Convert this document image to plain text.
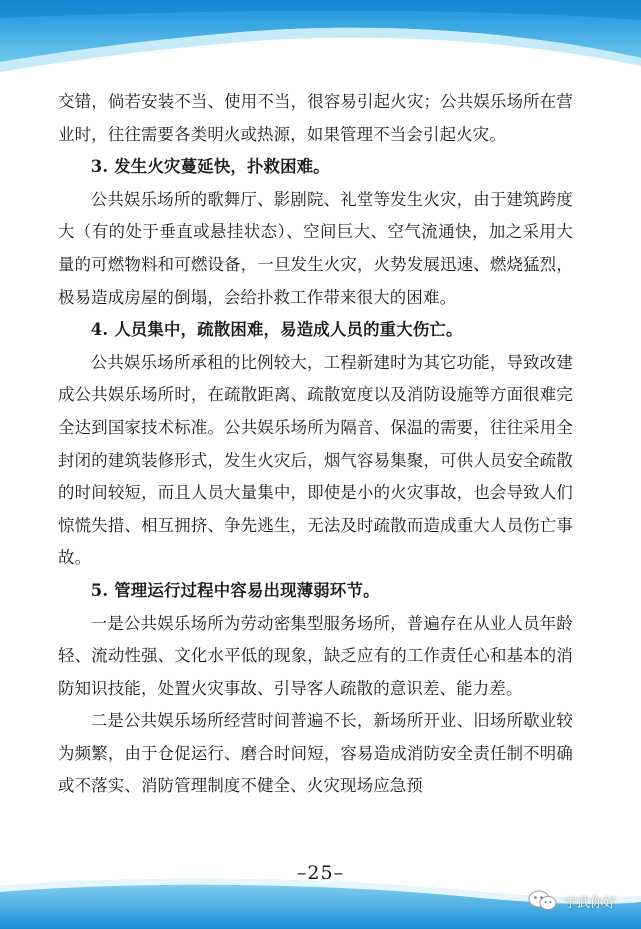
交错，倘若安装不当、使用不当，很容易引起火灾；公共娱乐场所在营业时，往往需要各类明火或热源，如果管理不当会引起火灾。

3. 发生火灾蔓延快，扑救困难。

公共娱乐场所的歌舞厅、影剧院、礼堂等发生火灾，由于建筑跨度大（有的处于垂直或悬挂状态）、空间巨大、空气流通快，加之采用大量的可燃物料和可燃设备，一旦发生火灾，火势发展迅速、燃烧猛烈，极易造成房屋的倒塌，会给扑救工作带来很大的困难。

4. 人员集中，疏散困难，易造成人员的重大伤亡。

公共娱乐场所承租的比例较大，工程新建时为其它功能，导致改建成公共娱乐场所时，在疏散距离、疏散宽度以及消防设施等方面很难完全达到国家技术标准。公共娱乐场所为隔音、保温的需要，往往采用全封闭的建筑装修形式，发生火灾后，烟气容易集聚，可供人员安全疏散的时间较短，而且人员大量集中，即使是小的火灾事故，也会导致人们惊慌失措、相互拥挤、争先逃生，无法及时疏散而造成重大人员伤亡事故。

5. 管理运行过程中容易出现薄弱环节。

一是公共娱乐场所为劳动密集型服务场所，普遍存在从业人员年龄轻、流动性强、文化水平低的现象，缺乏应有的工作责任心和基本的消防知识技能，处置火灾事故、引导客人疏散的意识差、能力差。

二是公共娱乐场所经营时间普遍不长，新场所开业、旧场所歇业较为频繁，由于仓促运行、磨合时间短，容易造成消防安全责任制不明确或不落实、消防管理制度不健全、火灾现场应急预

–25–
宁武你好
